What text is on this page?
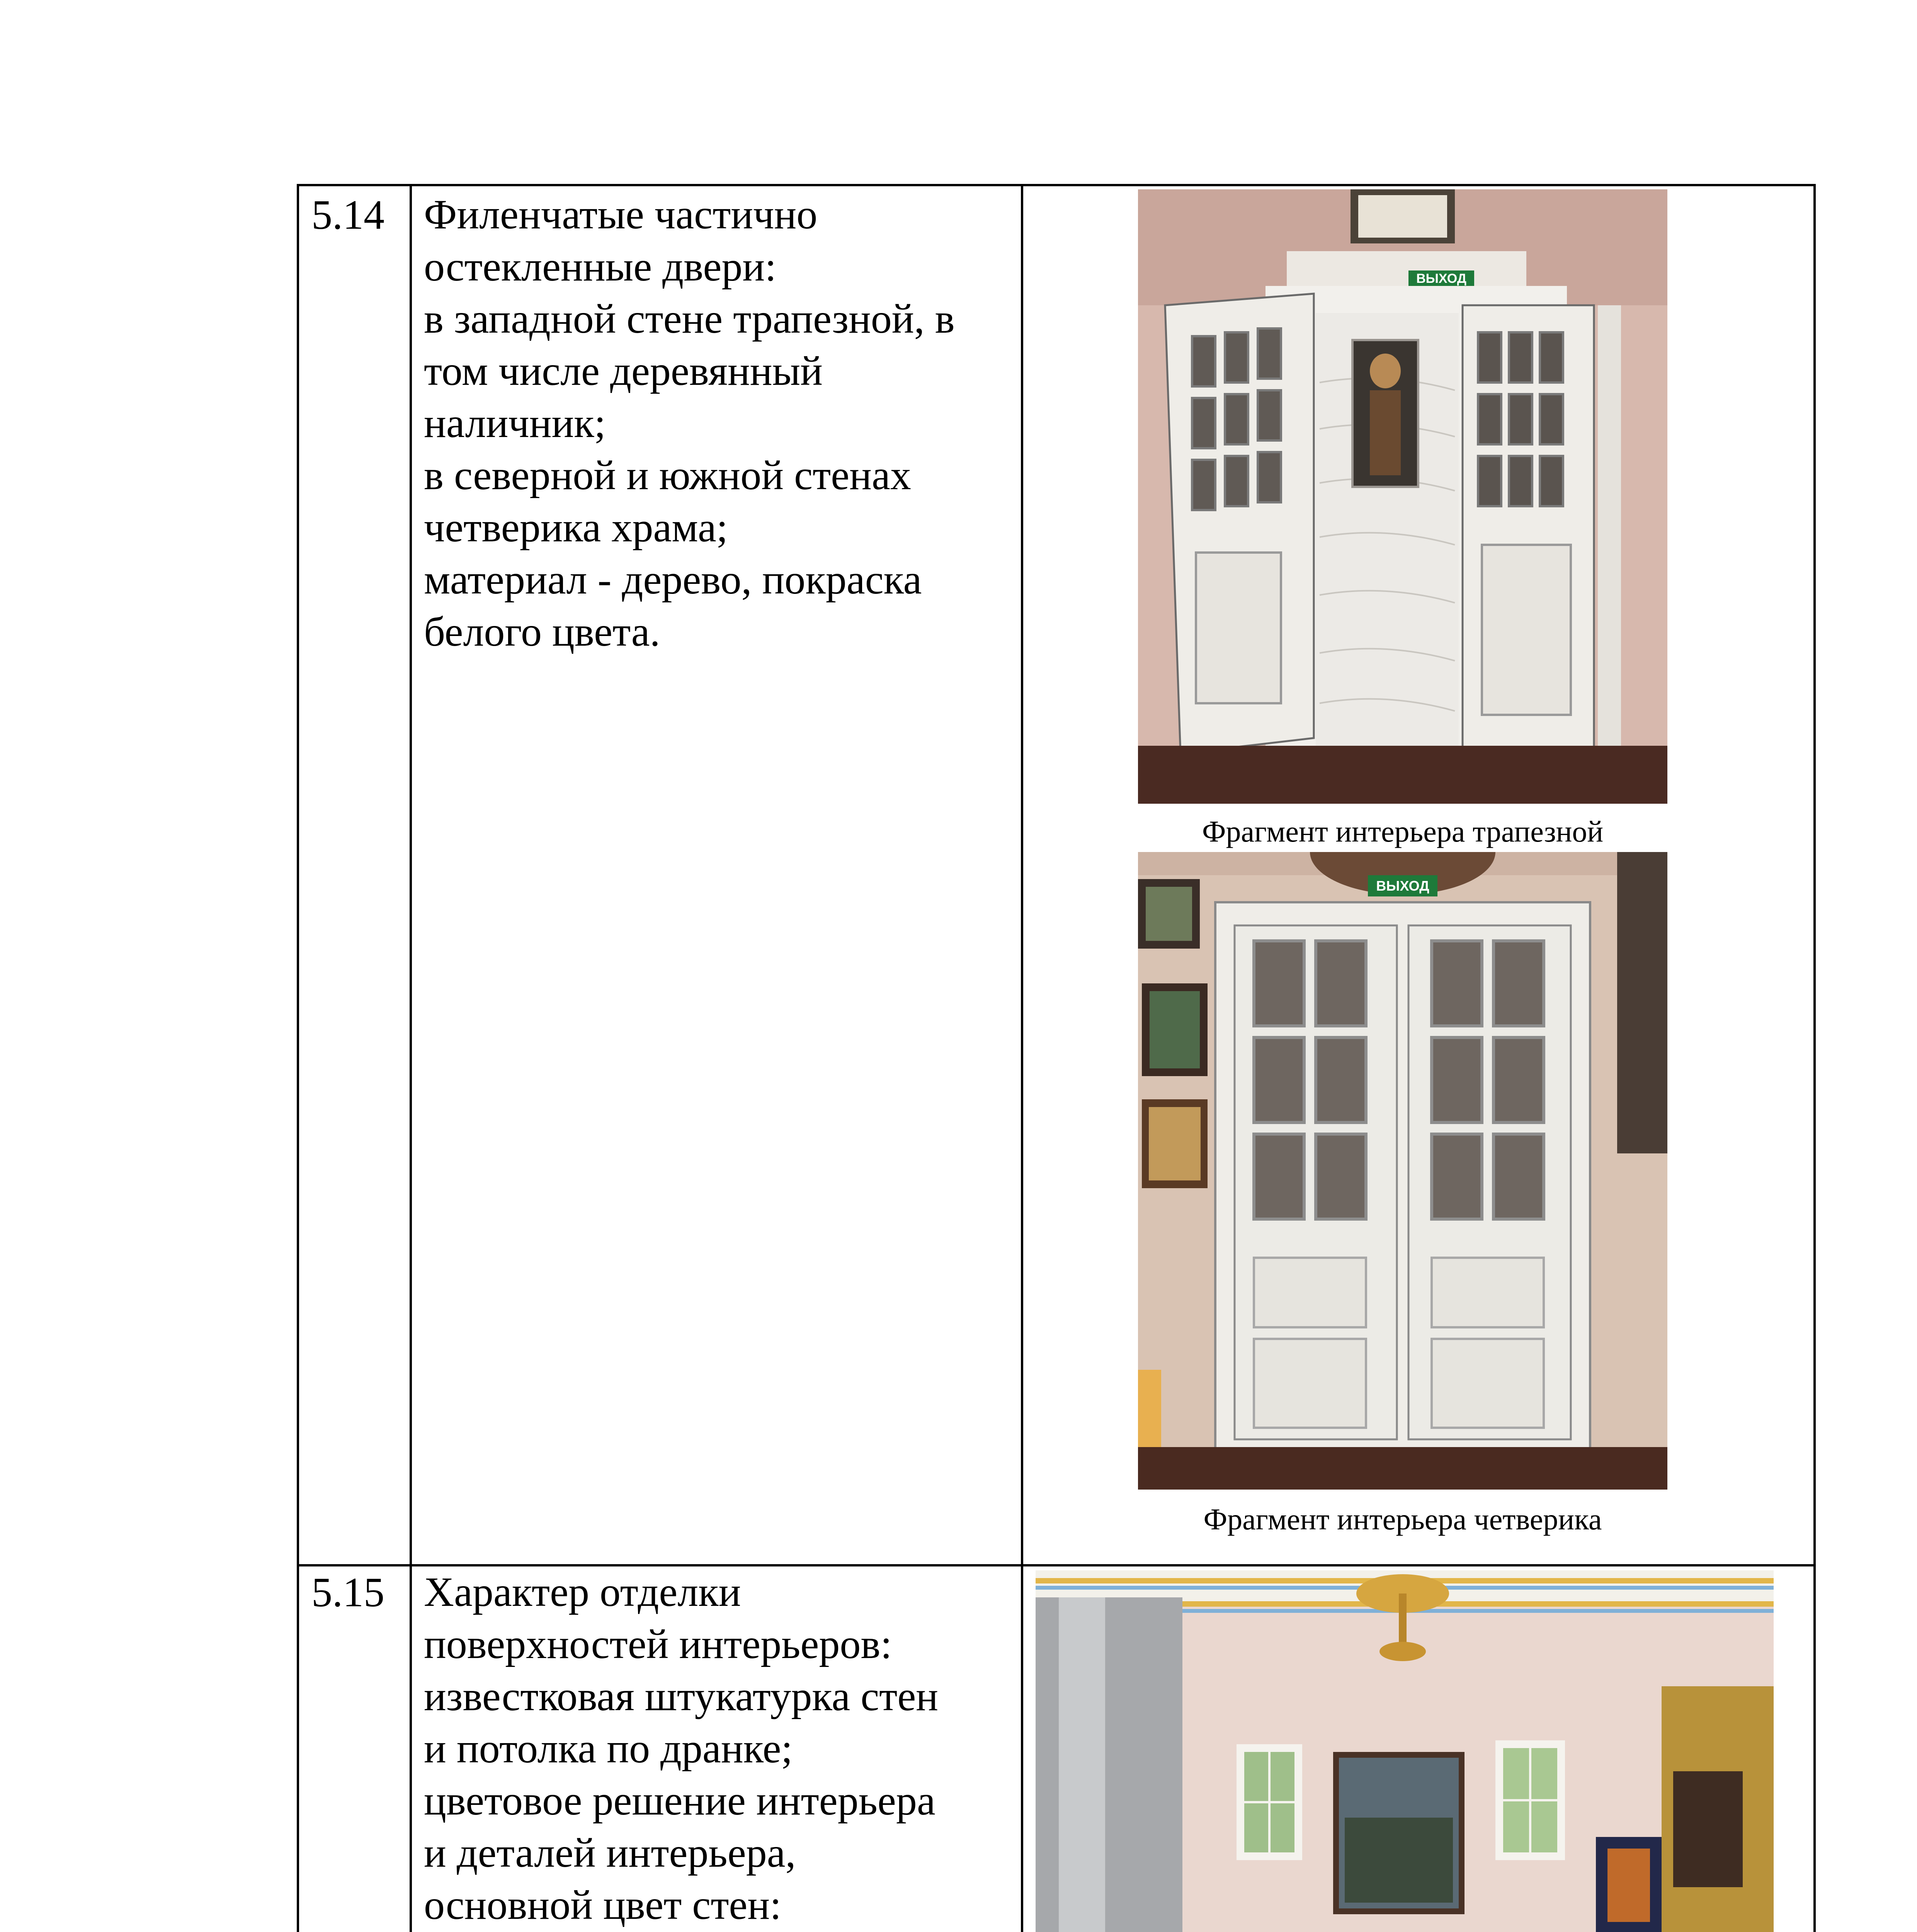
5.14 Филенчатые частично
остекленные двери:
в западной стене трапезной, в
том числе деревянный
наличник;
в северной и южной стенах
четверика храма;
материал - дерево, покраска
белого цвета.
ВЫХОД
Фрагмент интерьера трапезной
ВЫХОД
Фрагмент интерьера четверика
5.15 Характер отделки
поверхностей интерьеров:
известковая штукатурка стен
и потолка по дранке;
цветовое решение интерьера
и деталей интерьера,
основной цвет стен:
